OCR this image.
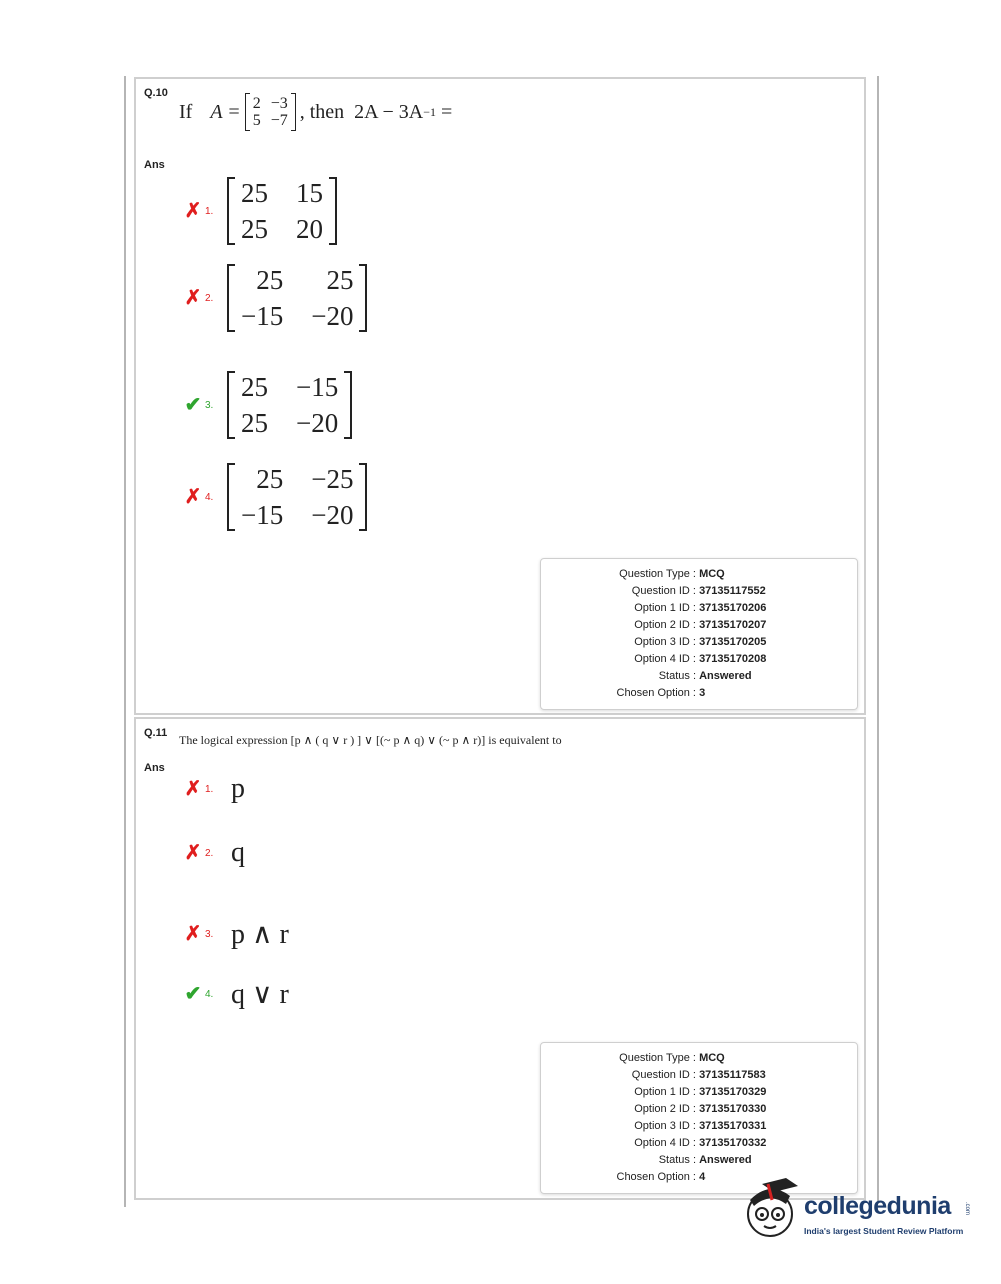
Q.10
If A = 2 −3
5 −7 , then  2A − 3A −1 =
Ans
✗ 1.
25 15
25 20
✗ 2.
25	25
−15 −20
✔ 3.
25 −15
25 −20
✗ 4.
25 −25
−15 −20
Question Type : MCQ
Question ID : 37135117552
Option 1 ID : 37135170206
Option 2 ID : 37135170207
Option 3 ID : 37135170205
Option 4 ID : 37135170208
Status : Answered
Chosen Option : 3
Q.11 The logical expression [p ∧ ( q ∨ r ) ] ∨ [(~ p ∧ q) ∨ (~ p ∧ r)] is equivalent to
Ans
✗ 1. p
✗ 2. q
✗ 3. p ∧ r
✔ 4. q ∨ r
Question Type : MCQ
Question ID : 37135117583
Option 1 ID : 37135170329
Option 2 ID : 37135170330
Option 3 ID : 37135170331
Option 4 ID : 37135170332
Status : Answered
Chosen Option : 4
collegedunia .com
India's largest Student Review Platform
